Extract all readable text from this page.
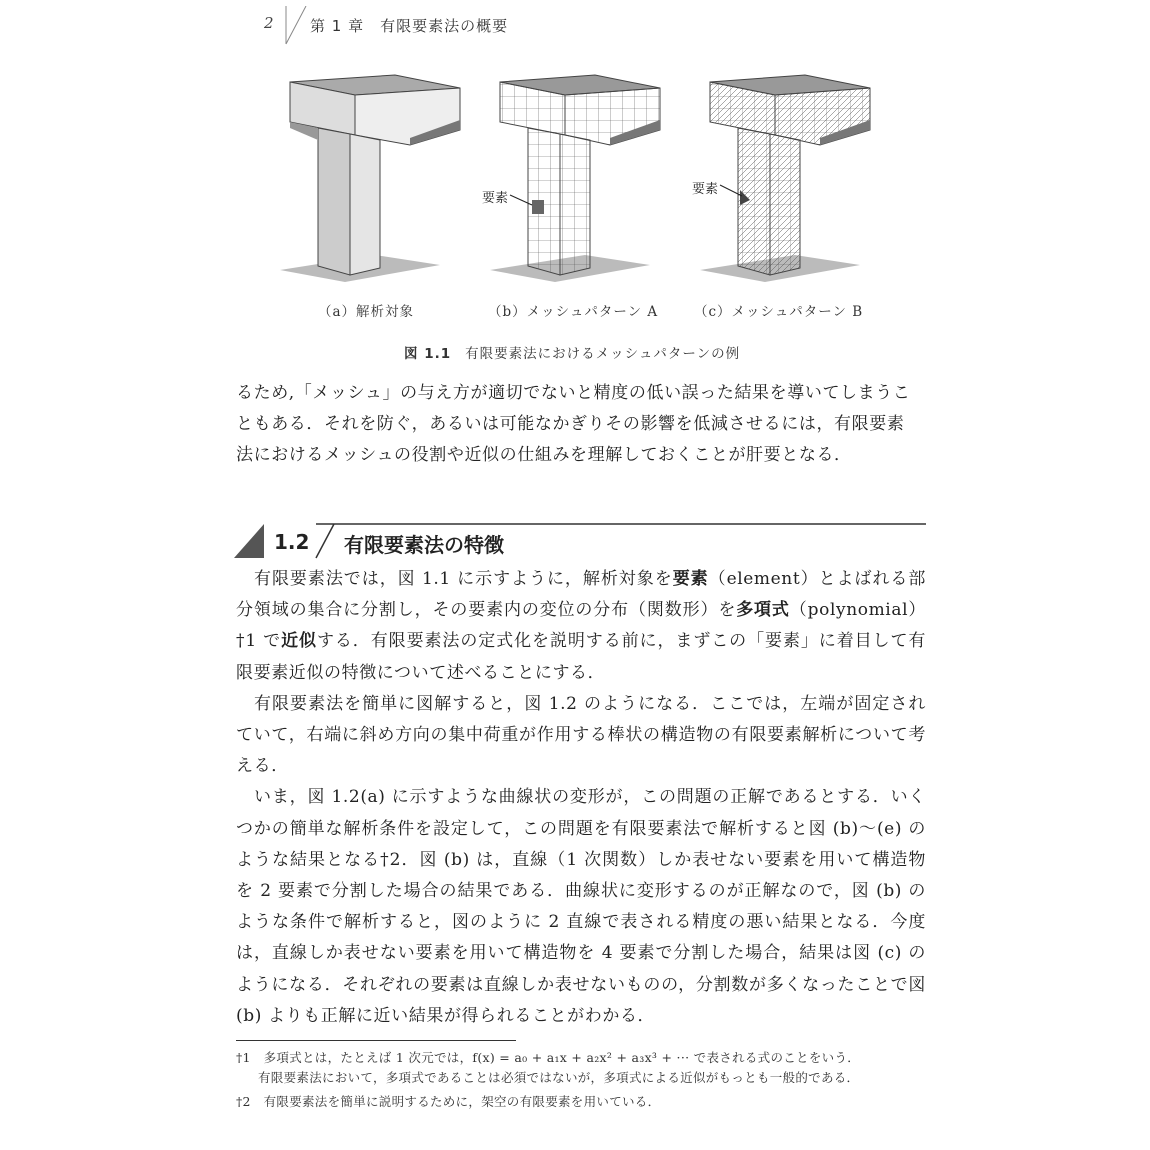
2 第 1 章　有限要素法の概要
要素
要素
（a）解析対象	（b）メッシュパターン A	（c）メッシュパターン B
図 1.1 有限要素法におけるメッシュパターンの例

るため,「メッシュ」の与え方が適切でないと精度の低い誤った結果を導いてしまうこ

ともある．それを防ぐ，あるいは可能なかぎりその影響を低減させるには，有限要素

法におけるメッシュの役割や近似の仕組みを理解しておくことが肝要となる．

1.2 有限要素法の特徴

有限要素法では，図 1.1 に示すように，解析対象を要素（element）とよばれる部分領域の集合に分割し，その要素内の変位の分布（関数形）を多項式（polynomial）†1 で近似する．有限要素法の定式化を説明する前に，まずこの「要素」に着目して有限要素近似の特徴について述べることにする．

有限要素法を簡単に図解すると，図 1.2 のようになる．ここでは，左端が固定されていて，右端に斜め方向の集中荷重が作用する棒状の構造物の有限要素解析について考える．

いま，図 1.2(a) に示すような曲線状の変形が，この問題の正解であるとする．いくつかの簡単な解析条件を設定して，この問題を有限要素法で解析すると図 (b)〜(e) のような結果となる†2．図 (b) は，直線（1 次関数）しか表せない要素を用いて構造物を 2 要素で分割した場合の結果である．曲線状に変形するのが正解なので，図 (b) のような条件で解析すると，図のように 2 直線で表される精度の悪い結果となる．今度は，直線しか表せない要素を用いて構造物を 4 要素で分割した場合，結果は図 (c) のようになる．それぞれの要素は直線しか表せないものの，分割数が多くなったことで図 (b) よりも正解に近い結果が得られることがわかる．

†1　多項式とは，たとえば 1 次元では，f(x) = a₀ + a₁x + a₂x² + a₃x³ + ··· で表される式のことをいう．
有限要素法において，多項式であることは必須ではないが，多項式による近似がもっとも一般的である．
†2　有限要素法を簡単に説明するために，架空の有限要素を用いている．
